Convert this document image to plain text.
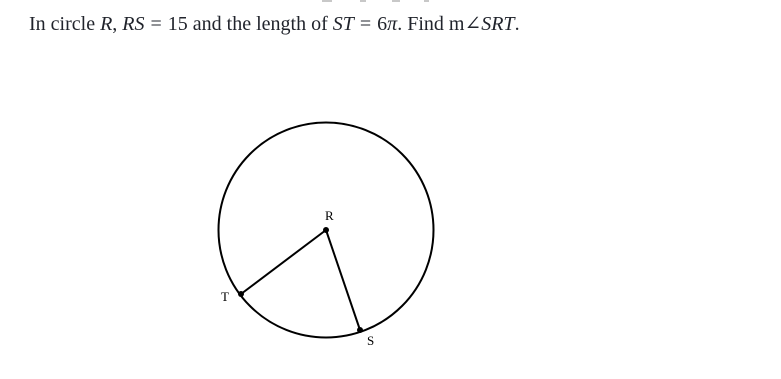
In circle R, RS = 15 and the length of ST = 6π. Find m∠SRT.
R
T
S
